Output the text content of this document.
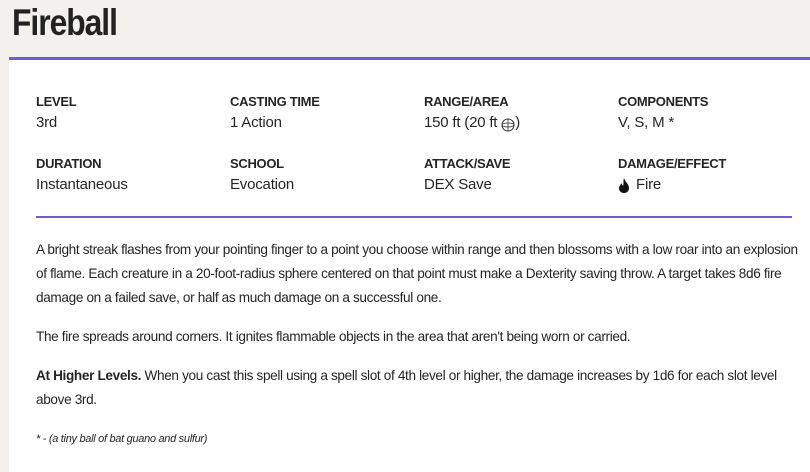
Fireball
LEVEL
3rd
CASTING TIME
1 Action
RANGE/AREA
150 ft (20 ft )
COMPONENTS
V, S, M *
DURATION
Instantaneous
SCHOOL
Evocation
ATTACK/SAVE
DEX Save
DAMAGE/EFFECT
Fire

A bright streak flashes from your pointing finger to a point you choose within range and then blossoms with a low roar into an explosion of flame. Each creature in a 20-foot-radius sphere centered on that point must make a Dexterity saving throw. A target takes 8d6 fire damage on a failed save, or half as much damage on a successful one.

The fire spreads around corners. It ignites flammable objects in the area that aren't being worn or carried.

At Higher Levels. When you cast this spell using a spell slot of 4th level or higher, the damage increases by 1d6 for each slot level above 3rd.

* - (a tiny ball of bat guano and sulfur)
